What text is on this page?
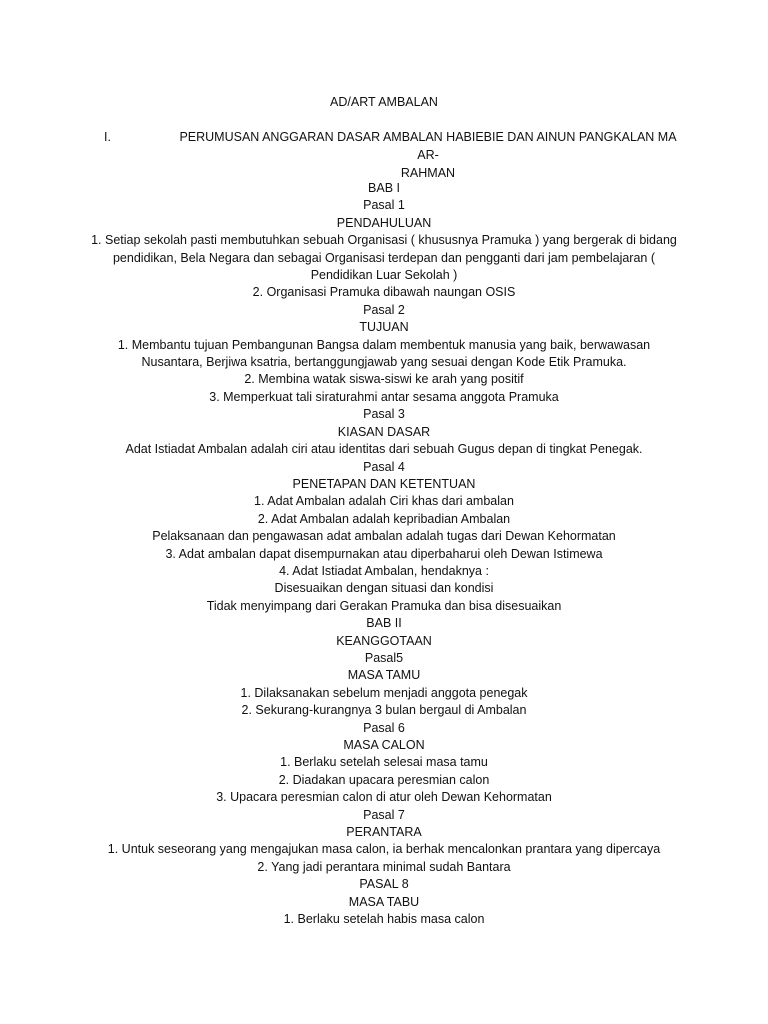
AD/ART AMBALAN
I.	PERUMUSAN ANGGARAN DASAR AMBALAN HABIEBIE DAN AINUN PANGKALAN MA AR-
RAHMAN
BAB I
Pasal 1
PENDAHULUAN
1. Setiap sekolah pasti membutuhkan sebuah Organisasi ( khususnya Pramuka ) yang bergerak di bidang
pendidikan, Bela Negara dan sebagai Organisasi terdepan dan pengganti dari jam pembelajaran (
Pendidikan Luar Sekolah )
2. Organisasi Pramuka dibawah naungan OSIS
Pasal 2
TUJUAN
1. Membantu tujuan Pembangunan Bangsa dalam membentuk manusia yang baik, berwawasan
Nusantara, Berjiwa ksatria, bertanggungjawab yang sesuai dengan Kode Etik Pramuka.
2. Membina watak siswa-siswi ke arah yang positif
3. Memperkuat tali siraturahmi antar sesama anggota Pramuka
Pasal 3
KIASAN DASAR
Adat Istiadat Ambalan adalah ciri atau identitas dari sebuah Gugus depan di tingkat Penegak.
Pasal 4
PENETAPAN DAN KETENTUAN
1. Adat Ambalan adalah Ciri khas dari ambalan
2. Adat Ambalan adalah kepribadian Ambalan
Pelaksanaan dan pengawasan adat ambalan adalah tugas dari Dewan Kehormatan
3. Adat ambalan dapat disempurnakan atau diperbaharui oleh Dewan Istimewa
4. Adat Istiadat Ambalan, hendaknya :
Disesuaikan dengan situasi dan kondisi
Tidak menyimpang dari Gerakan Pramuka dan bisa disesuaikan
BAB II
KEANGGOTAAN
Pasal5
MASA TAMU
1. Dilaksanakan sebelum menjadi anggota penegak
2. Sekurang-kurangnya 3 bulan bergaul di Ambalan
Pasal 6
MASA CALON
1. Berlaku setelah selesai masa tamu
2. Diadakan upacara peresmian calon
3. Upacara peresmian calon di atur oleh Dewan Kehormatan
Pasal 7
PERANTARA
1. Untuk seseorang yang mengajukan masa calon, ia berhak mencalonkan prantara yang dipercaya
2. Yang jadi perantara minimal sudah Bantara
PASAL 8
MASA TABU
1. Berlaku setelah habis masa calon
